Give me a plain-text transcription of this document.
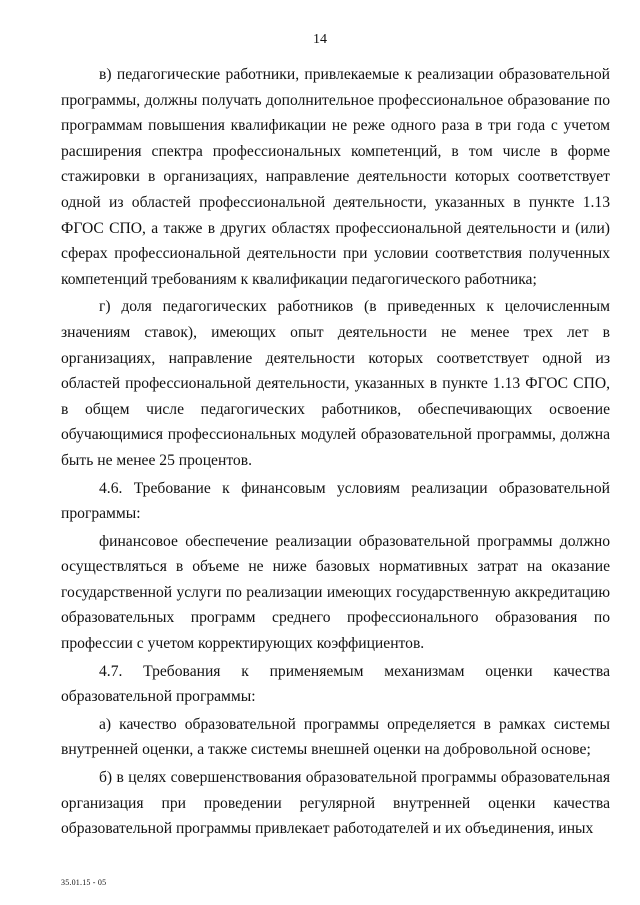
14

в) педагогические работники, привлекаемые к реализации образовательной программы, должны получать дополнительное профессиональное образование по программам повышения квалификации не реже одного раза в три года с учетом расширения спектра профессиональных компетенций, в том числе в форме стажировки в организациях, направление деятельности которых соответствует одной из областей профессиональной деятельности, указанных в пункте 1.13 ФГОС СПО, а также в других областях профессиональной деятельности и (или) сферах профессиональной деятельности при условии соответствия полученных компетенций требованиям к квалификации педагогического работника;

г) доля педагогических работников (в приведенных к целочисленным значениям ставок), имеющих опыт деятельности не менее трех лет в организациях, направление деятельности которых соответствует одной из областей профессиональной деятельности, указанных в пункте 1.13 ФГОС СПО, в общем числе педагогических работников, обеспечивающих освоение обучающимися профессиональных модулей образовательной программы, должна быть не менее 25 процентов.

4.6. Требование к финансовым условиям реализации образовательной программы:

финансовое обеспечение реализации образовательной программы должно осуществляться в объеме не ниже базовых нормативных затрат на оказание государственной услуги по реализации имеющих государственную аккредитацию образовательных программ среднего профессионального образования по профессии с учетом корректирующих коэффициентов.

4.7. Требования к применяемым механизмам оценки качества образовательной программы:

а) качество образовательной программы определяется в рамках системы внутренней оценки, а также системы внешней оценки на добровольной основе;

б) в целях совершенствования образовательной программы образовательная организация при проведении регулярной внутренней оценки качества образовательной программы привлекает работодателей и их объединения, иных

35.01.15 - 05
